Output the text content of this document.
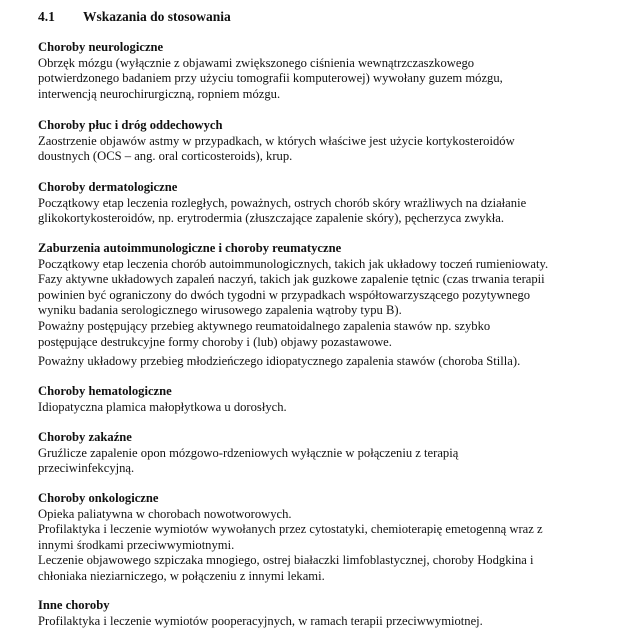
4.1 Wskazania do stosowania
Choroby neurologiczne
Obrzęk mózgu (wyłącznie z objawami zwiększonego ciśnienia wewnątrzczaszkowego
potwierdzonego badaniem przy użyciu tomografii komputerowej) wywołany guzem mózgu,
interwencją neurochirurgiczną, ropniem mózgu.
Choroby płuc i dróg oddechowych
Zaostrzenie objawów astmy w przypadkach, w których właściwe jest użycie kortykosteroidów
doustnych (OCS – ang. oral corticosteroids), krup.
Choroby dermatologiczne
Początkowy etap leczenia rozległych, poważnych, ostrych chorób skóry wrażliwych na działanie
glikokortykosteroidów, np. erytrodermia (złuszczające zapalenie skóry), pęcherzyca zwykła.
Zaburzenia autoimmunologiczne i choroby reumatyczne
Początkowy etap leczenia chorób autoimmunologicznych, takich jak układowy toczeń rumieniowaty.
Fazy aktywne układowych zapaleń naczyń, takich jak guzkowe zapalenie tętnic (czas trwania terapii
powinien być ograniczony do dwóch tygodni w przypadkach współtowarzyszącego pozytywnego
wyniku badania serologicznego wirusowego zapalenia wątroby typu B).
Poważny postępujący przebieg aktywnego reumatoidalnego zapalenia stawów np. szybko
postępujące destrukcyjne formy choroby i (lub) objawy pozastawowe.
Poważny układowy przebieg młodzieńczego idiopatycznego zapalenia stawów (choroba Stilla).
Choroby hematologiczne
Idiopatyczna plamica małopłytkowa u dorosłych.
Choroby zakaźne
Gruźlicze zapalenie opon mózgowo-rdzeniowych wyłącznie w połączeniu z terapią
przeciwinfekcyjną.
Choroby onkologiczne
Opieka paliatywna w chorobach nowotworowych.
Profilaktyka i leczenie wymiotów wywołanych przez cytostatyki, chemioterapię emetogenną wraz z
innymi środkami przeciwwymiotnymi.
Leczenie objawowego szpiczaka mnogiego, ostrej białaczki limfoblastycznej, choroby Hodgkina i
chłoniaka nieziarniczego, w połączeniu z innymi lekami.
Inne choroby
Profilaktyka i leczenie wymiotów pooperacyjnych, w ramach terapii przeciwwymiotnej.
